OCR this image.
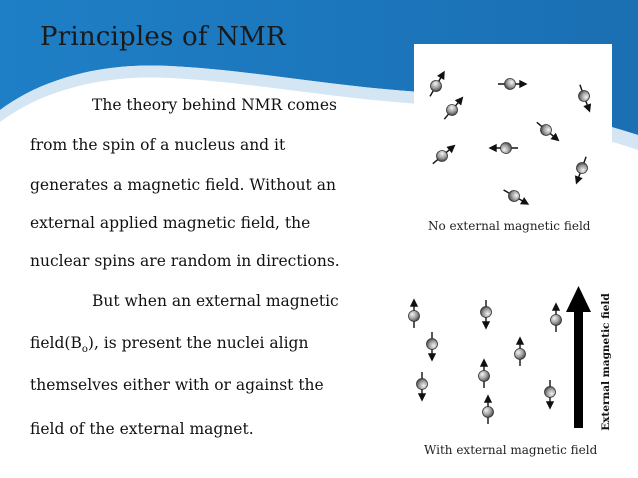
Principles of NMR
The theory behind NMR comes
from the spin of a nucleus and it
generates a magnetic field. Without an
external applied magnetic field, the
nuclear spins are random in directions.
But when an external magnetic
$field(B_o)$, is present the nuclei align
themselves either with or against the
field of the external magnet.
No external magnetic field
External magnetic field
With external magnetic field
